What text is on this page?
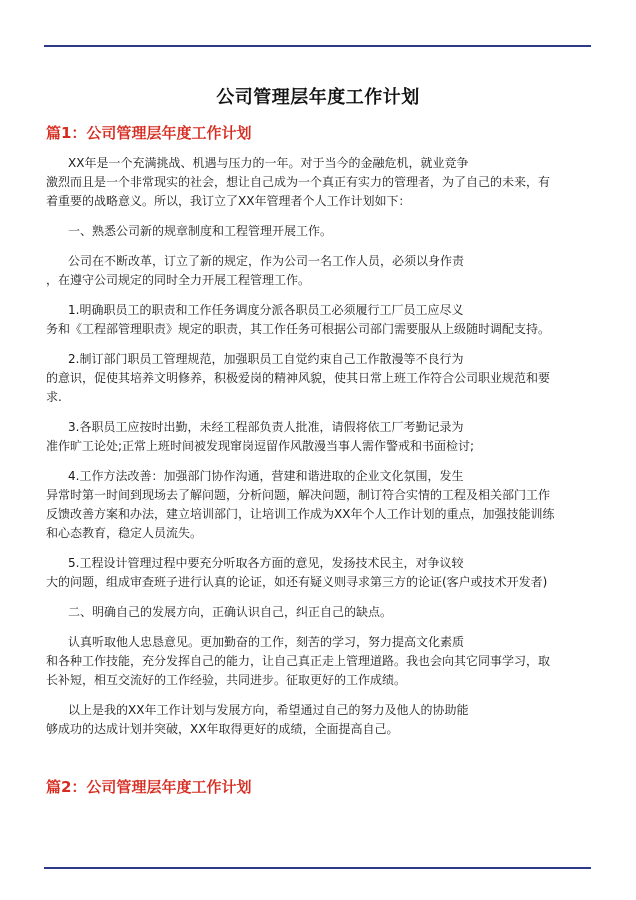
公司管理层年度工作计划
篇1：公司管理层年度工作计划

XX年是一个充满挑战、机遇与压力的一年。对于当今的金融危机，就业竞争
激烈而且是一个非常现实的社会，想让自己成为一个真正有实力的管理者，为了自己的未来，有
着重要的战略意义。所以，我订立了XX年管理者个人工作计划如下：

一、熟悉公司新的规章制度和工程管理开展工作。

公司在不断改革，订立了新的规定，作为公司一名工作人员，必须以身作责
，在遵守公司规定的同时全力开展工程管理工作。

1.明确职员工的职责和工作任务调度分派各职员工必须履行工厂员工应尽义
务和《工程部管理职责》规定的职责，其工作任务可根据公司部门需要服从上级随时调配支持。

2.制订部门职员工管理规范，加强职员工自觉约束自己工作散漫等不良行为
的意识，促使其培养文明修养，积极爱岗的精神风貌，使其日常上班工作符合公司职业规范和要
求.

3.各职员工应按时出勤，未经工程部负责人批准，请假将依工厂考勤记录为
准作旷工论处;正常上班时间被发现窜岗逗留作风散漫当事人需作警戒和书面检讨;

4.工作方法改善：加强部门协作沟通，营建和谐进取的企业文化氛围，发生
异常时第一时间到现场去了解问题，分析问题，解决问题，制订符合实情的工程及相关部门工作
反馈改善方案和办法，建立培训部门，让培训工作成为XX年个人工作计划的重点，加强技能训练
和心态教育，稳定人员流失。

5.工程设计管理过程中要充分听取各方面的意见，发扬技术民主，对争议较
大的问题，组成审查班子进行认真的论证，如还有疑义则寻求第三方的论证(客户或技术开发者)

二、明确自己的发展方向，正确认识自己，纠正自己的缺点。

认真听取他人忠恳意见。更加勤奋的工作，刻苦的学习，努力提高文化素质
和各种工作技能，充分发挥自己的能力，让自己真正走上管理道路。我也会向其它同事学习，取
长补短，相互交流好的工作经验，共同进步。征取更好的工作成绩。

以上是我的XX年工作计划与发展方向，希望通过自己的努力及他人的协助能
够成功的达成计划并突破，XX年取得更好的成绩，全面提高自己。

篇2：公司管理层年度工作计划
